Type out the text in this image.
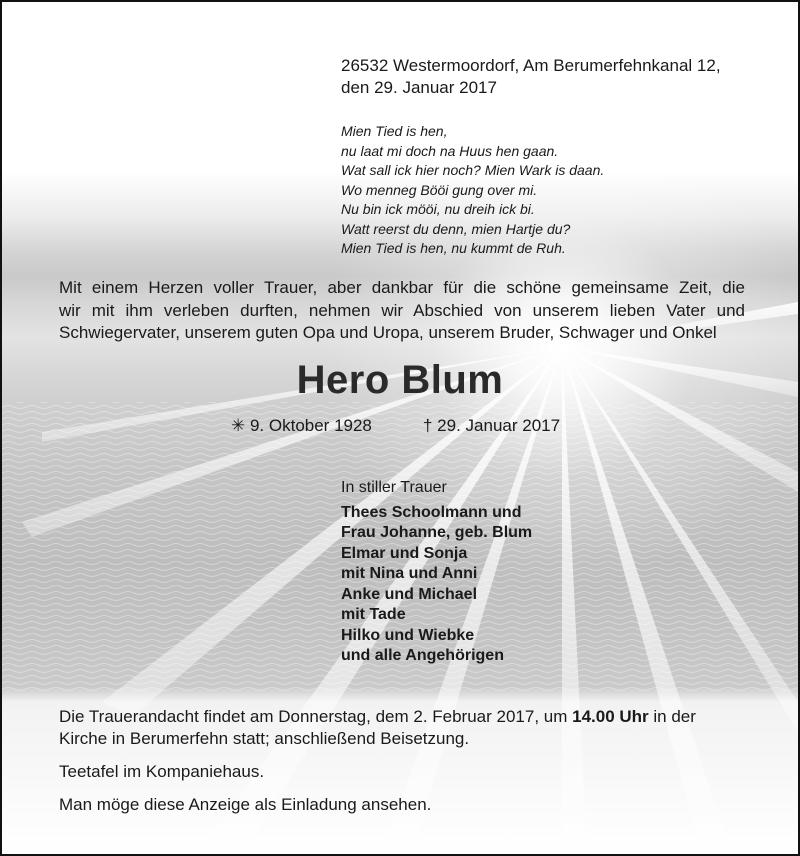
26532 Westermoordorf, Am Berumerfehnkanal 12,
den 29. Januar 2017
Mien Tied is hen,
nu laat mi doch na Huus hen gaan.
Wat sall ick hier noch? Mien Wark is daan.
Wo menneg Bööi gung over mi.
Nu bin ick mööi, nu dreih ick bi.
Watt reerst du denn, mien Hartje du?
Mien Tied is hen, nu kummt de Ruh.
Mit einem Herzen voller Trauer, aber dankbar für die schöne gemeinsame Zeit, die
wir mit ihm verleben durften, nehmen wir Abschied von unserem lieben Vater und
Schwiegervater, unserem guten Opa und Uropa, unserem Bruder, Schwager und Onkel
Hero Blum
✳ 9. Oktober 1928	† 29. Januar 2017
In stiller Trauer
Thees Schoolmann und
Frau Johanne, geb. Blum
Elmar und Sonja
mit Nina und Anni
Anke und Michael
mit Tade
Hilko und Wiebke
und alle Angehörigen

Die Trauerandacht findet am Donnerstag, dem 2. Februar 2017, um 14.00 Uhr in der
Kirche in Berumerfehn statt; anschließend Beisetzung.

Teetafel im Kompaniehaus.

Man möge diese Anzeige als Einladung ansehen.
